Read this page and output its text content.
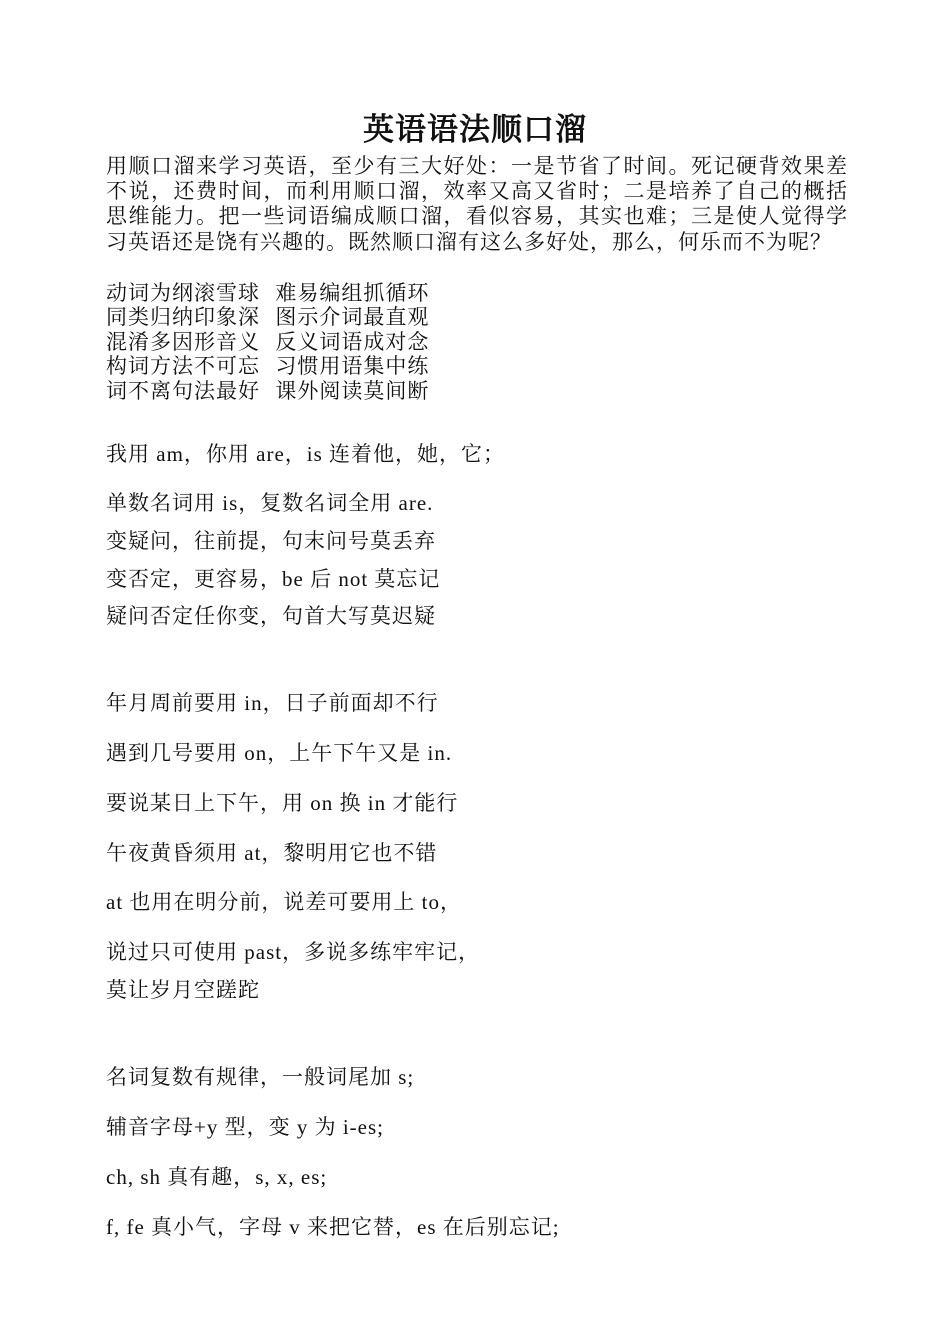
英语语法顺口溜
用顺口溜来学习英语，至少有三大好处：一是节省了时间。死记硬背效果差不说，还费时间，而利用顺口溜，效率又高又省时；二是培养了自己的概括思维能力。把一些词语编成顺口溜，看似容易，其实也难；三是使人觉得学习英语还是饶有兴趣的。既然顺口溜有这么多好处，那么，何乐而不为呢？
动词为纲滚雪球  难易编组抓循环
同类归纳印象深  图示介词最直观
混淆多因形音义  反义词语成对念
构词方法不可忘  习惯用语集中练
词不离句法最好  课外阅读莫间断
我用 am，你用 are，is 连着他，她，它；
单数名词用 is，复数名词全用 are.
变疑问，往前提，句末问号莫丢弃
变否定，更容易，be 后 not 莫忘记
疑问否定任你变，句首大写莫迟疑
年月周前要用 in，日子前面却不行
遇到几号要用 on，上午下午又是 in.
要说某日上下午，用 on 换 in 才能行
午夜黄昏须用 at，黎明用它也不错
at 也用在明分前，说差可要用上 to，
说过只可使用 past，多说多练牢牢记，
莫让岁月空蹉跎
名词复数有规律，一般词尾加 s;
辅音字母+y 型，变 y 为 i-es;
ch, sh 真有趣，s, x, es;
f, fe 真小气，字母 v 来把它替，es 在后别忘记;
